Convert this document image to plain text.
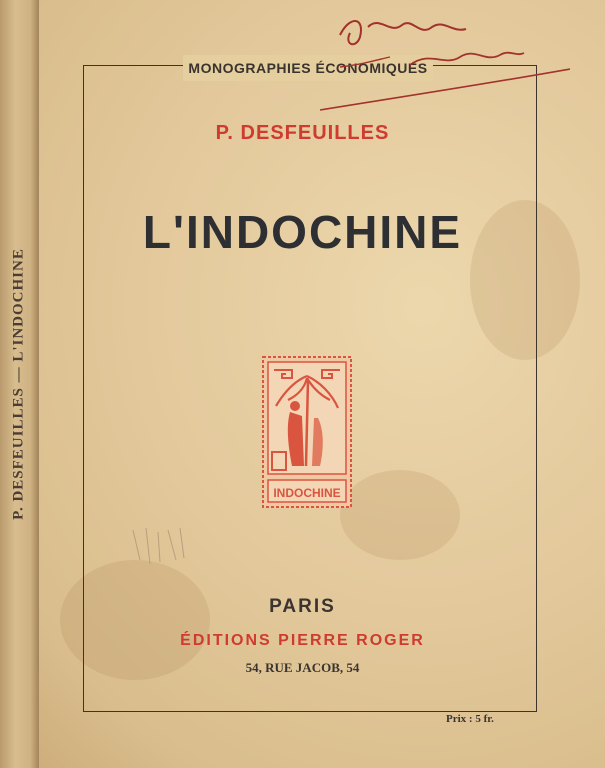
P. DESFEUILLES — L'INDOCHINE
MONOGRAPHIES ÉCONOMIQUES
P. DESFEUILLES
L'INDOCHINE
INDOCHINE
PARIS
ÉDITIONS PIERRE ROGER
54, RUE JACOB, 54
Prix : 5 fr.
